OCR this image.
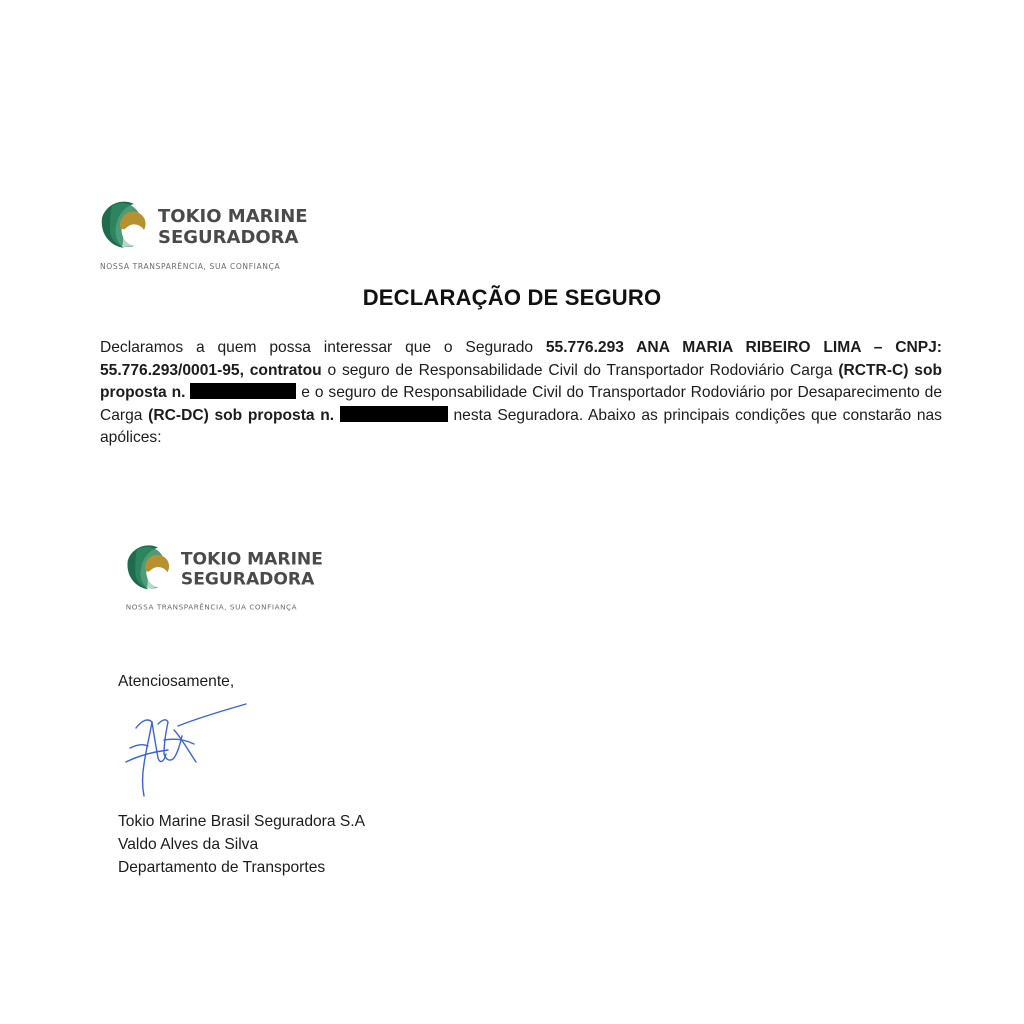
TOKIO MARINE
SEGURADORA
NOSSA TRANSPARÊNCIA, SUA CONFIANÇA
DECLARAÇÃO DE SEGURO
Declaramos a quem possa interessar que o Segurado 55.776.293 ANA MARIA RIBEIRO LIMA – CNPJ: 55.776.293/0001-95, contratou o seguro de Responsabilidade Civil do Transportador Rodoviário Carga (RCTR-C) sob proposta n.	e o seguro de Responsabilidade Civil do Transportador Rodoviário por Desaparecimento de Carga (RC-DC) sob proposta n.	nesta Seguradora. Abaixo as principais condições que constarão nas apólices:
TOKIO MARINE
SEGURADORA
NOSSA TRANSPARÊNCIA, SUA CONFIANÇA
Atenciosamente,
Tokio Marine Brasil Seguradora S.A
Valdo Alves da Silva
Departamento de Transportes
